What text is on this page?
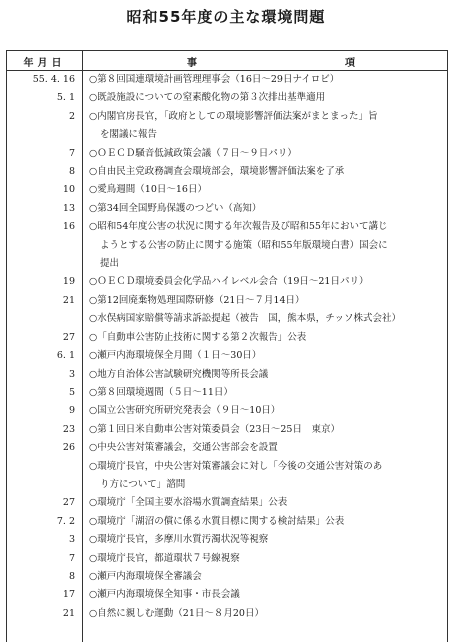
昭和55年度の主な環境問題
年月日	事	項
55. 4. 16 ○第８回国連環境計画管理理事会（16日～29日ナイロビ）
5. 1 ○既設施設についての窒素酸化物の第３次排出基準適用
2 ○内閣官房長官，「政府としての環境影響評価法案がまとまった」旨
を閣議に報告
7 ○ＯＥＣＤ騒音低減政策会議（７日～９日パリ）
8 ○自由民主党政務調査会環境部会，環境影響評価法案を了承
10 ○愛鳥週間（10日～16日）
13 ○第34回全国野鳥保護のつどい（高知）
16 ○昭和54年度公害の状況に関する年次報告及び昭和55年において講じ
ようとする公害の防止に関する施策（昭和55年版環境白書）国会に
提出
19 ○ＯＥＣＤ環境委員会化学品ハイレベル会合（19日～21日パリ）
21 ○第12回廃棄物処理国際研修（21日～７月14日）
○水俣病国家賠償等請求訴訟提起（被告　国，熊本県，チッソ株式会社）
27 ○「自動車公害防止技術に関する第２次報告」公表
6. 1 ○瀬戸内海環境保全月間（１日～30日）
3 ○地方自治体公害試験研究機関等所長会議
5 ○第８回環境週間（５日～11日）
9 ○国立公害研究所研究発表会（９日～10日）
23 ○第１回日米自動車公害対策委員会（23日～25日　東京）
26 ○中央公害対策審議会，交通公害部会を設置
○環境庁長官，中央公害対策審議会に対し「今後の交通公害対策のあ
り方について」諮問
27 ○環境庁「全国主要水浴場水質調査結果」公表
7. 2 ○環境庁「湖沼の償に係る水質目標に関する検討結果」公表
3 ○環境庁長官，多摩川水質汚濁状況等視察
7 ○環境庁長官，都道環状７号線視察
8 ○瀬戸内海環境保全審議会
17 ○瀬戸内海環境保全知事・市長会議
21 ○自然に親しむ運動（21日～８月20日）
